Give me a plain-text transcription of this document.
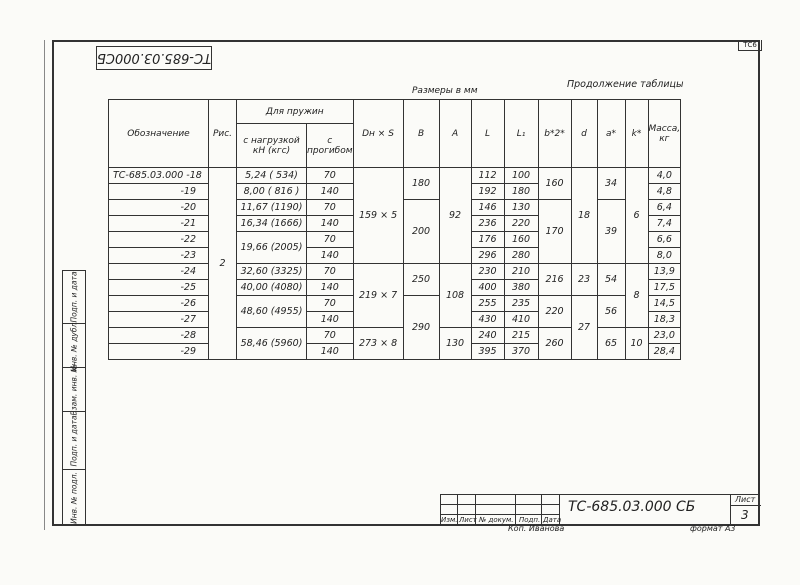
ТС6
ТС-685.03.000СБ
Размеры в мм
Продолжение таблицы
Обозначение	Рис.	Для пружин		Dн × S	B	A	L	L₁	b*2*	d	a*	k*	Масса, кг
		с нагрузкой кН (кгс)	с прогибом										
ТС-685.03.000 -18	2	5,24 ( 534)	70	159 × 5	180	92	112	100	160	18	34	6	4,0
-19		8,00 ( 816 )	140				192	180					4,8
-20		11,67 (1190)	70		200		146	130	170		39		6,4
-21		16,34 (1666)	140				236	220					7,4
-22		19,66 (2005)	70				176	160					6,6
-23			140				296	280					8,0
-24		32,60 (3325)	70	219 × 7	250	108	230	210	216	23	54	8	13,9
-25		40,00 (4080)	140				400	380					17,5
-26		48,60 (4955)	70		290		255	235	220	27	56		14,5
-27			140				430	410					18,3
-28		58,46 (5960)	70	273 × 8		130	240	215	260		65	10	23,0
-29			140				395	370					28,4
Подп. и дата
Инв. № дубл.
Взам. инв. №
Подп. и дата
Инв. № подл.	Изм. Лист № докум. Подп. Дата
ТС-685.03.000 СБ	Лист
3
Коп. Иванова	формат А3
